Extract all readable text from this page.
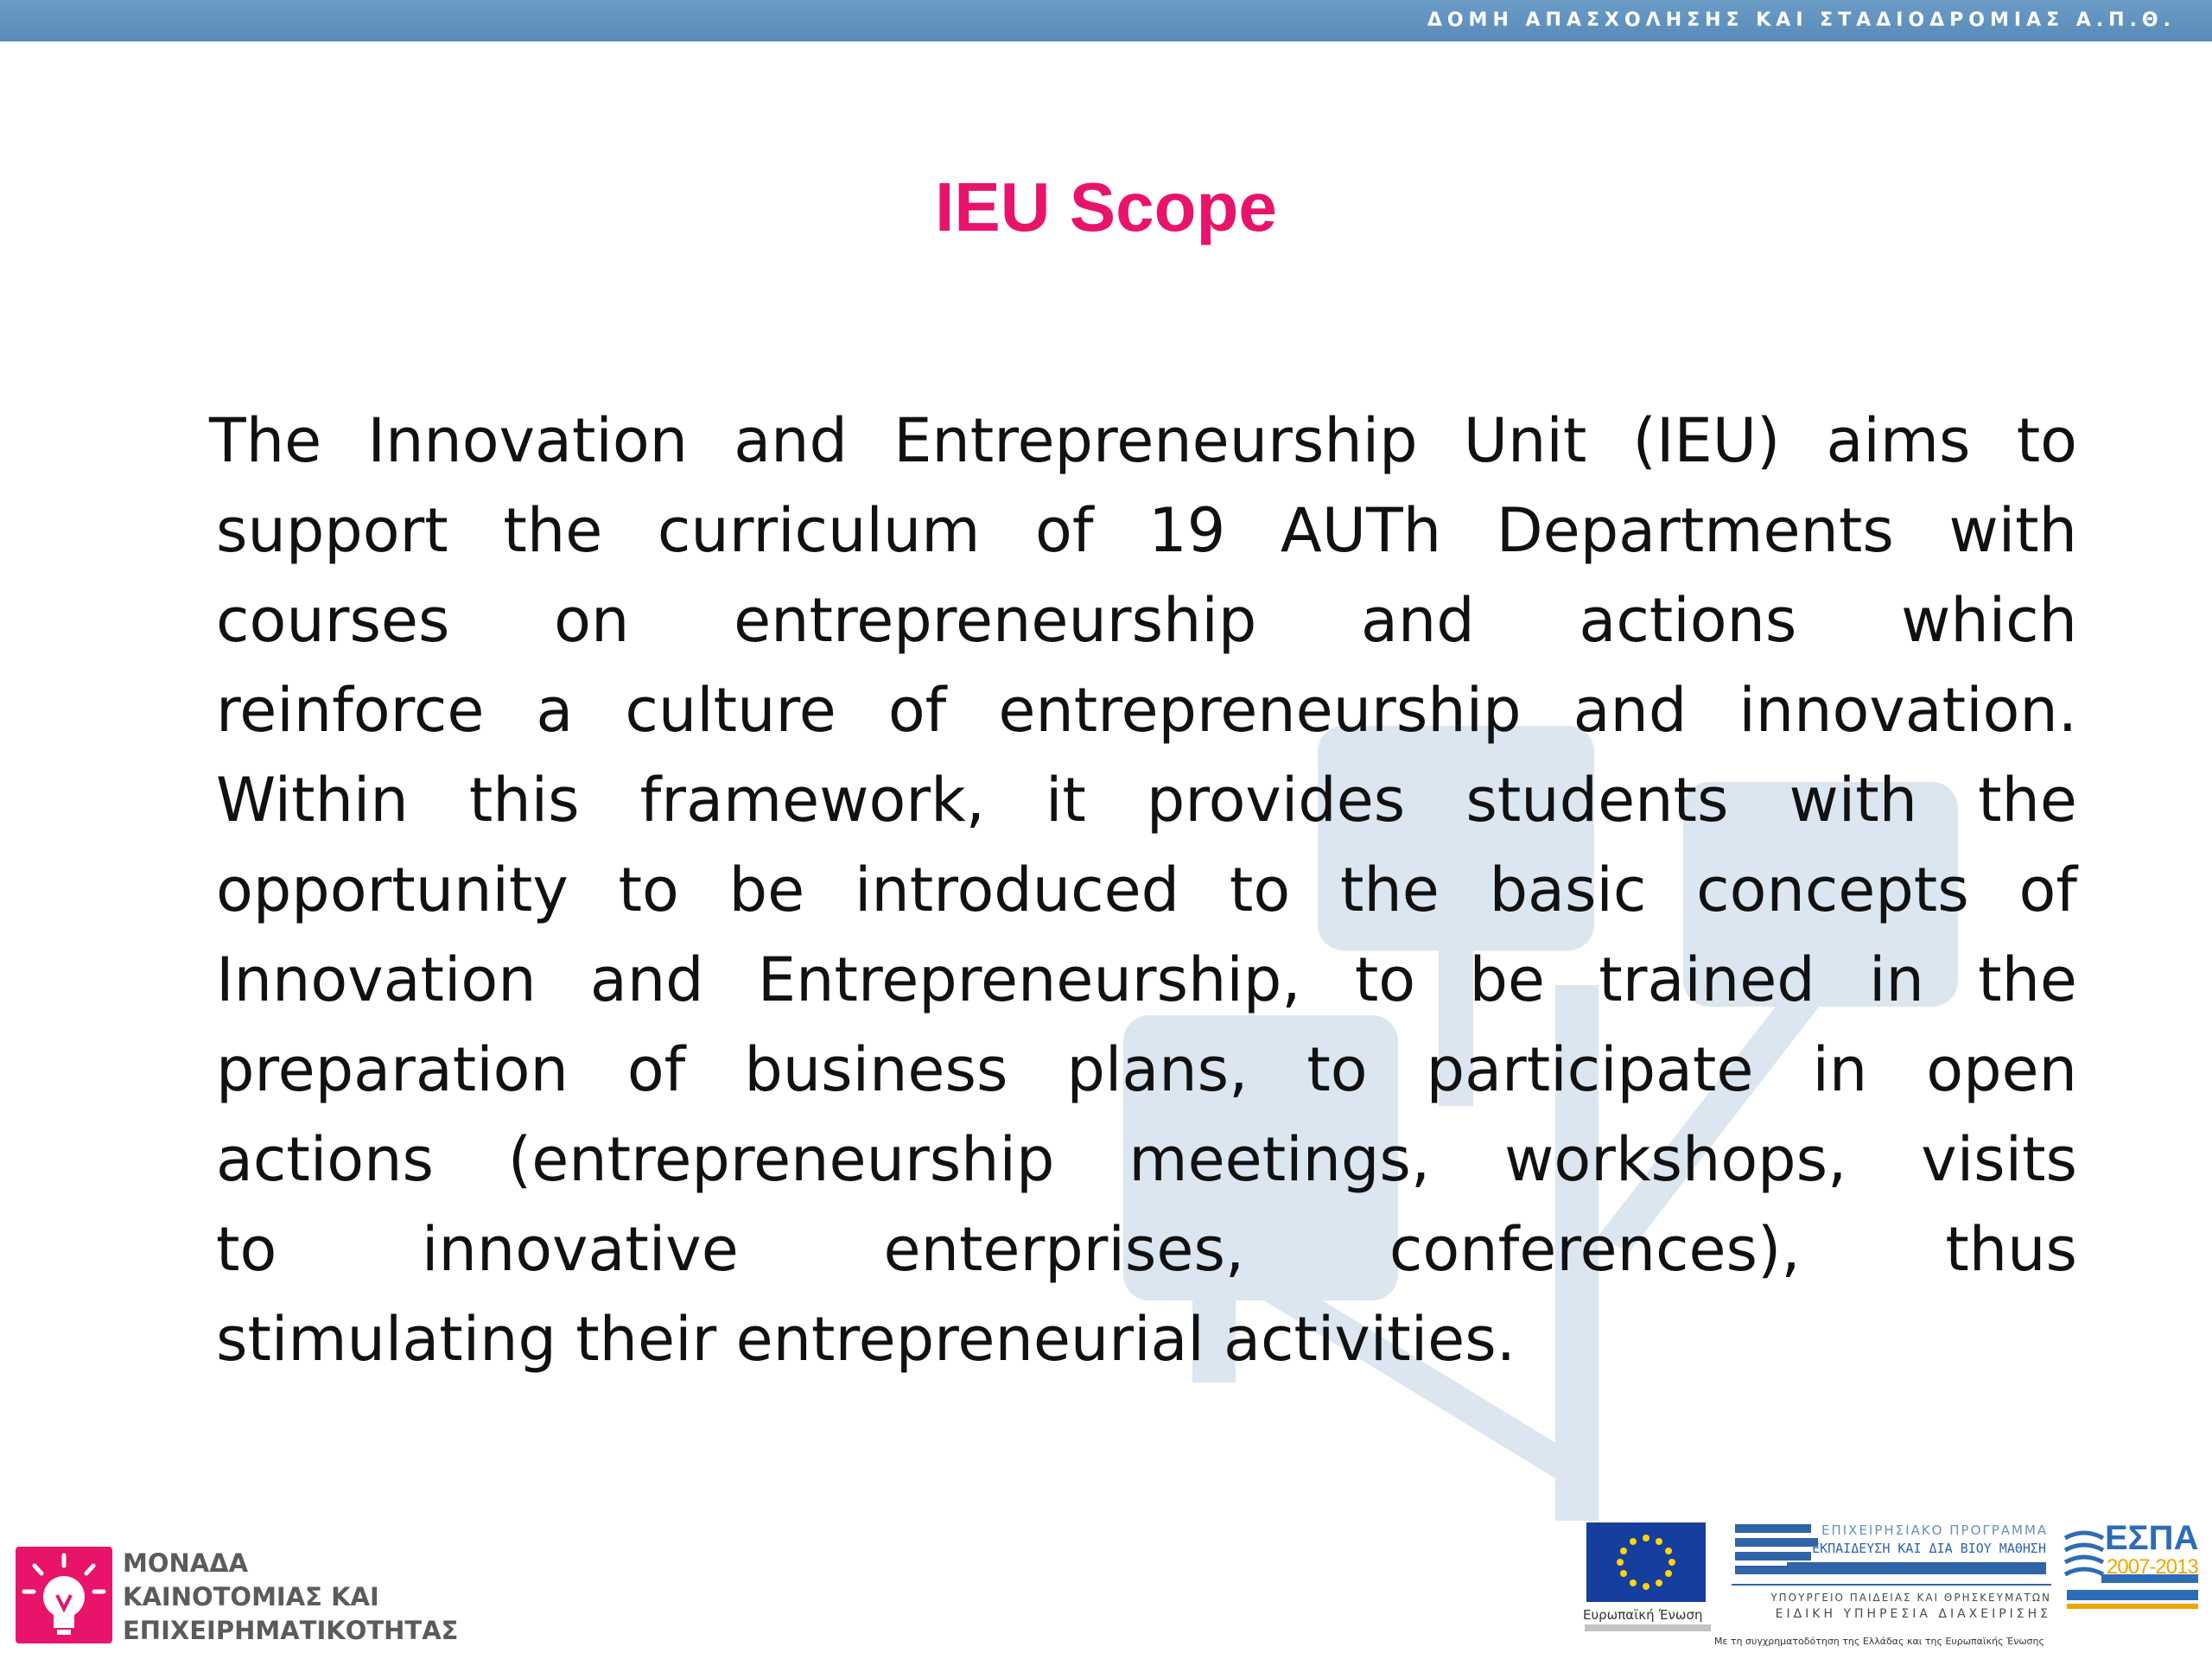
ΔΟΜΗ ΑΠΑΣΧΟΛΗΣΗΣ ΚΑΙ ΣΤΑΔΙΟΔΡΟΜΙΑΣ Α.Π.Θ.
IEU Scope
The Innovation and Entrepreneurship Unit (IEU) aims to
support the curriculum of 19 AUTh Departments with
courses on entrepreneurship and actions which
reinforce a culture of entrepreneurship and innovation.
Within this framework, it provides students with the
opportunity to be introduced to the basic concepts of
Innovation and Entrepreneurship, to be trained in the
preparation of business plans, to participate in open
actions (entrepreneurship meetings, workshops, visits
to innovative enterprises, conferences), thus
stimulating their entrepreneurial activities.
ΜΟΝΑΔΑ
ΚΑΙΝΟΤΟΜΙΑΣ ΚΑΙ
ΕΠΙΧΕΙΡΗΜΑΤΙΚΟΤΗΤΑΣ
Ευρωπαϊκή Ένωση
ΕΠΙΧΕΙΡΗΣΙΑΚΟ ΠΡΟΓΡΑΜΜΑ
ΕΚΠΑΙΔΕΥΣΗ ΚΑΙ ΔΙΑ ΒΙΟΥ ΜΑΘΗΣΗ
ΥΠΟΥΡΓΕΙΟ ΠΑΙΔΕΙΑΣ ΚΑΙ ΘΡΗΣΚΕΥΜΑΤΩΝ
ΕΙΔΙΚΗ ΥΠΗΡΕΣΙΑ ΔΙΑΧΕΙΡΙΣΗΣ
Με τη συγχρηματοδότηση της Ελλάδας και της Ευρωπαϊκής Ένωσης
ΕΣΠΑ
2007-2013
